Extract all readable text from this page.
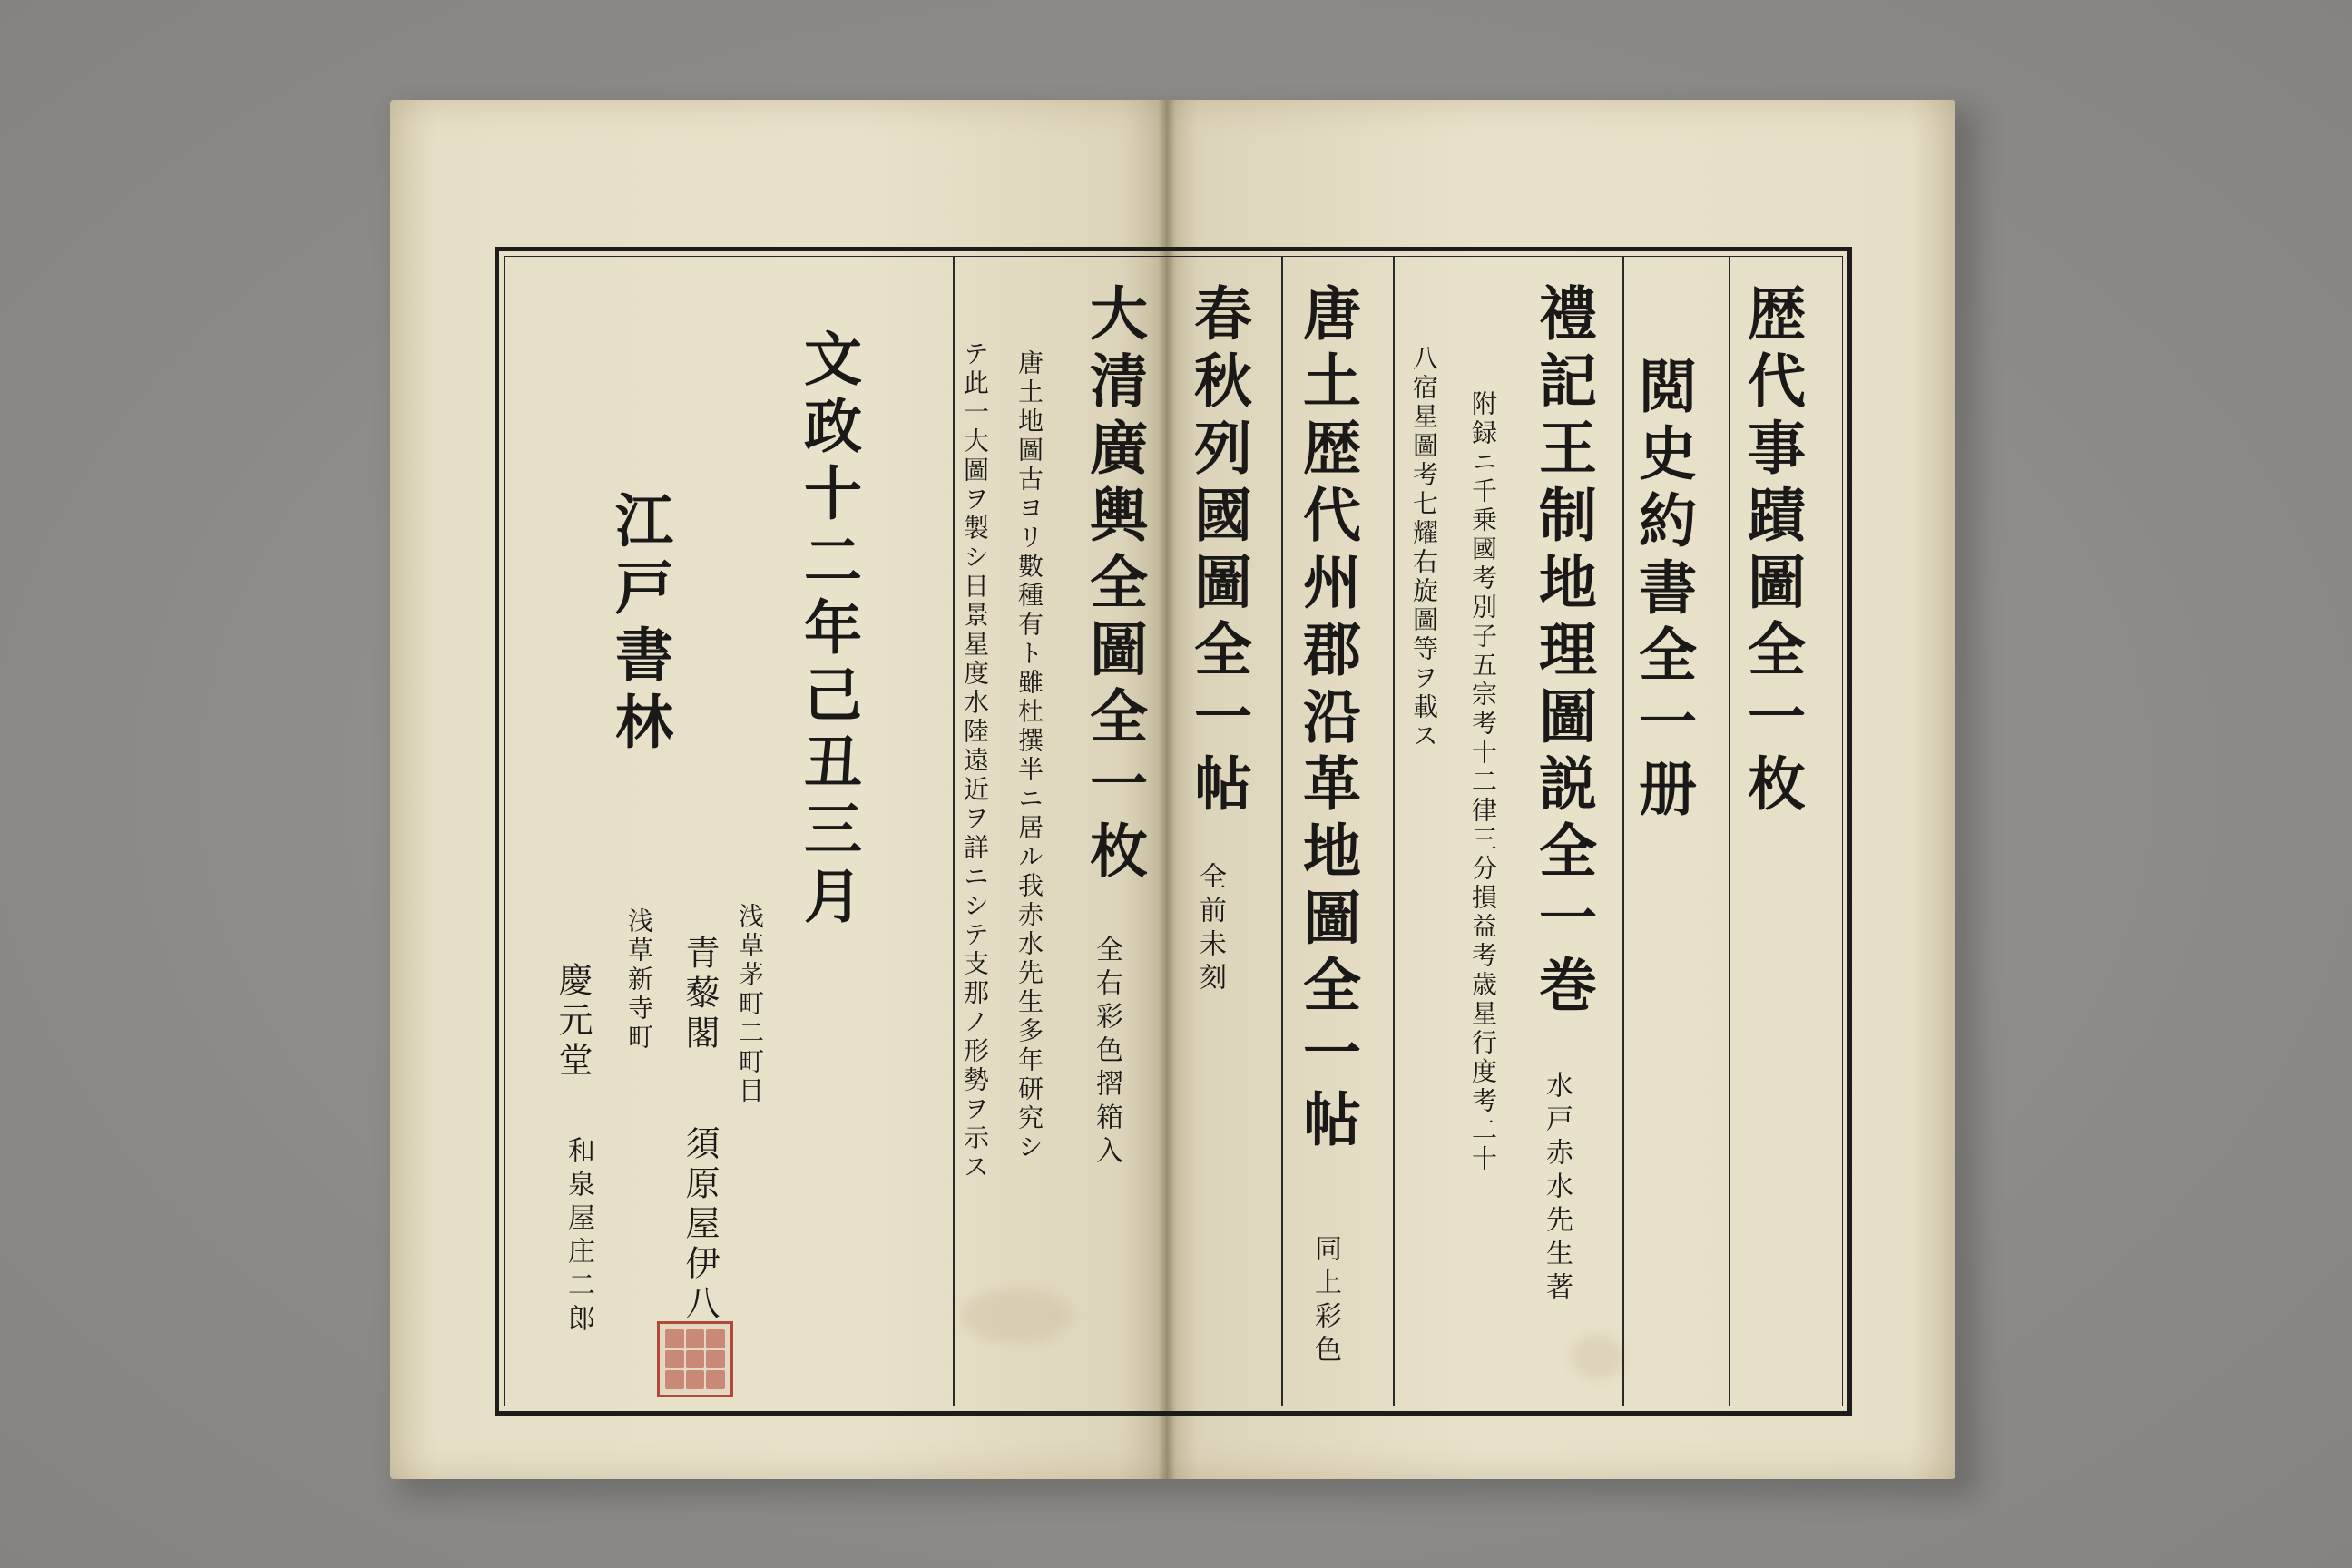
歴代事蹟圖全一枚
閲史約書全一册
禮記王制地理圖説全一巻
水戸赤水先生著
附録ニ千乗國考別子五宗考十二律三分損益考歳星行度考二十
八宿星圖考七耀右旋圖等ヲ載ス
唐土歴代州郡沿革地圖全一帖
同上彩色
春秋列國圖全一帖
全前未刻
大清廣輿全圖全一枚
全右彩色摺箱入
唐土地圖古ヨリ數種有ト雖杜撰半ニ居ル我赤水先生多年研究シ
テ此一大圖ヲ製シ日景星度水陸遠近ヲ詳ニシテ支那ノ形勢ヲ示ス
文政十二年己丑三月
江戸書林
浅草茅町二町目
青藜閣
須原屋伊八
浅草新寺町
慶元堂
和泉屋庄二郎
